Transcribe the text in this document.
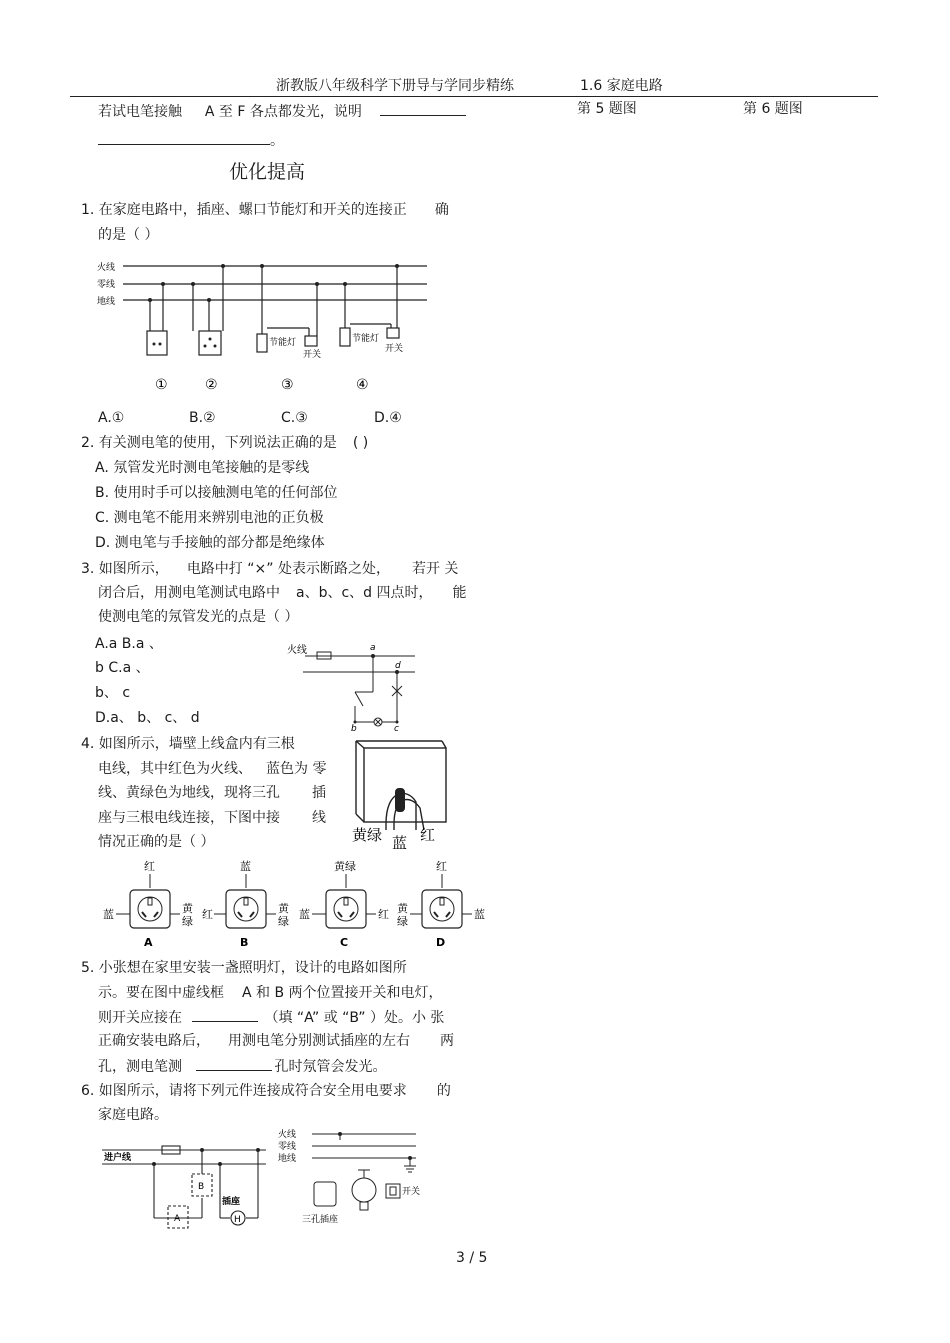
浙教版八年级科学下册导与学同步精练	1.6 家庭电路
若试电笔接触 A 至 F 各点都发光，说明
。
第 5 题图	第 6 题图
优化提高
1. 在家庭电路中，插座、螺口节能灯和开关的连接正 确
的是（ ）
火线
零线
地线
节能灯
开关
节能灯
开关
①	②	③	④
A.①	B.②	C.③	D.④
2. 有关测电笔的使用，下列说法正确的是 ( )
A. 氖管发光时测电笔接触的是零线
B. 使用时手可以接触测电笔的任何部位
C. 测电笔不能用来辨别电池的正负极
D. 测电笔与手接触的部分都是绝缘体
3. 如图所示， 电路中打 “×” 处表示断路之处， 若开 关
闭合后，用测电笔测试电路中 a、b、c、d 四点时， 能
使测电笔的氖管发光的点是（ ）
A.a B.a 、
b C.a 、
b、 c
D.a、 b、 c、 d
火线	a
d
b	c
4. 如图所示，墙壁上线盒内有三根
电线，其中红色为火线、 蓝色为 零
线、黄绿色为地线，现将三孔 插
座与三根电线连接，下图中接 线
情况正确的是（ ）	黄绿 蓝 红
红
蓝	黄
绿
A
蓝
红	黄
绿
B
黄绿
蓝	红
C
红
黄
绿
蓝
D
5. 小张想在家里安装一盏照明灯，设计的电路如图所
示。要在图中虚线框 A 和 B 两个位置接开关和电灯，
则开关应接在	（填 “A” 或 “B” ）处。小 张
正确安装电路后， 用测电笔分别测试插座的左右 两
孔，测电笔测	孔时氖管会发光。
6. 如图所示，请将下列元件连接成符合安全用电要求 的
家庭电路。
进户线
B
A
插座
H
火线
零线
地线
开关
三孔插座
3 / 5
